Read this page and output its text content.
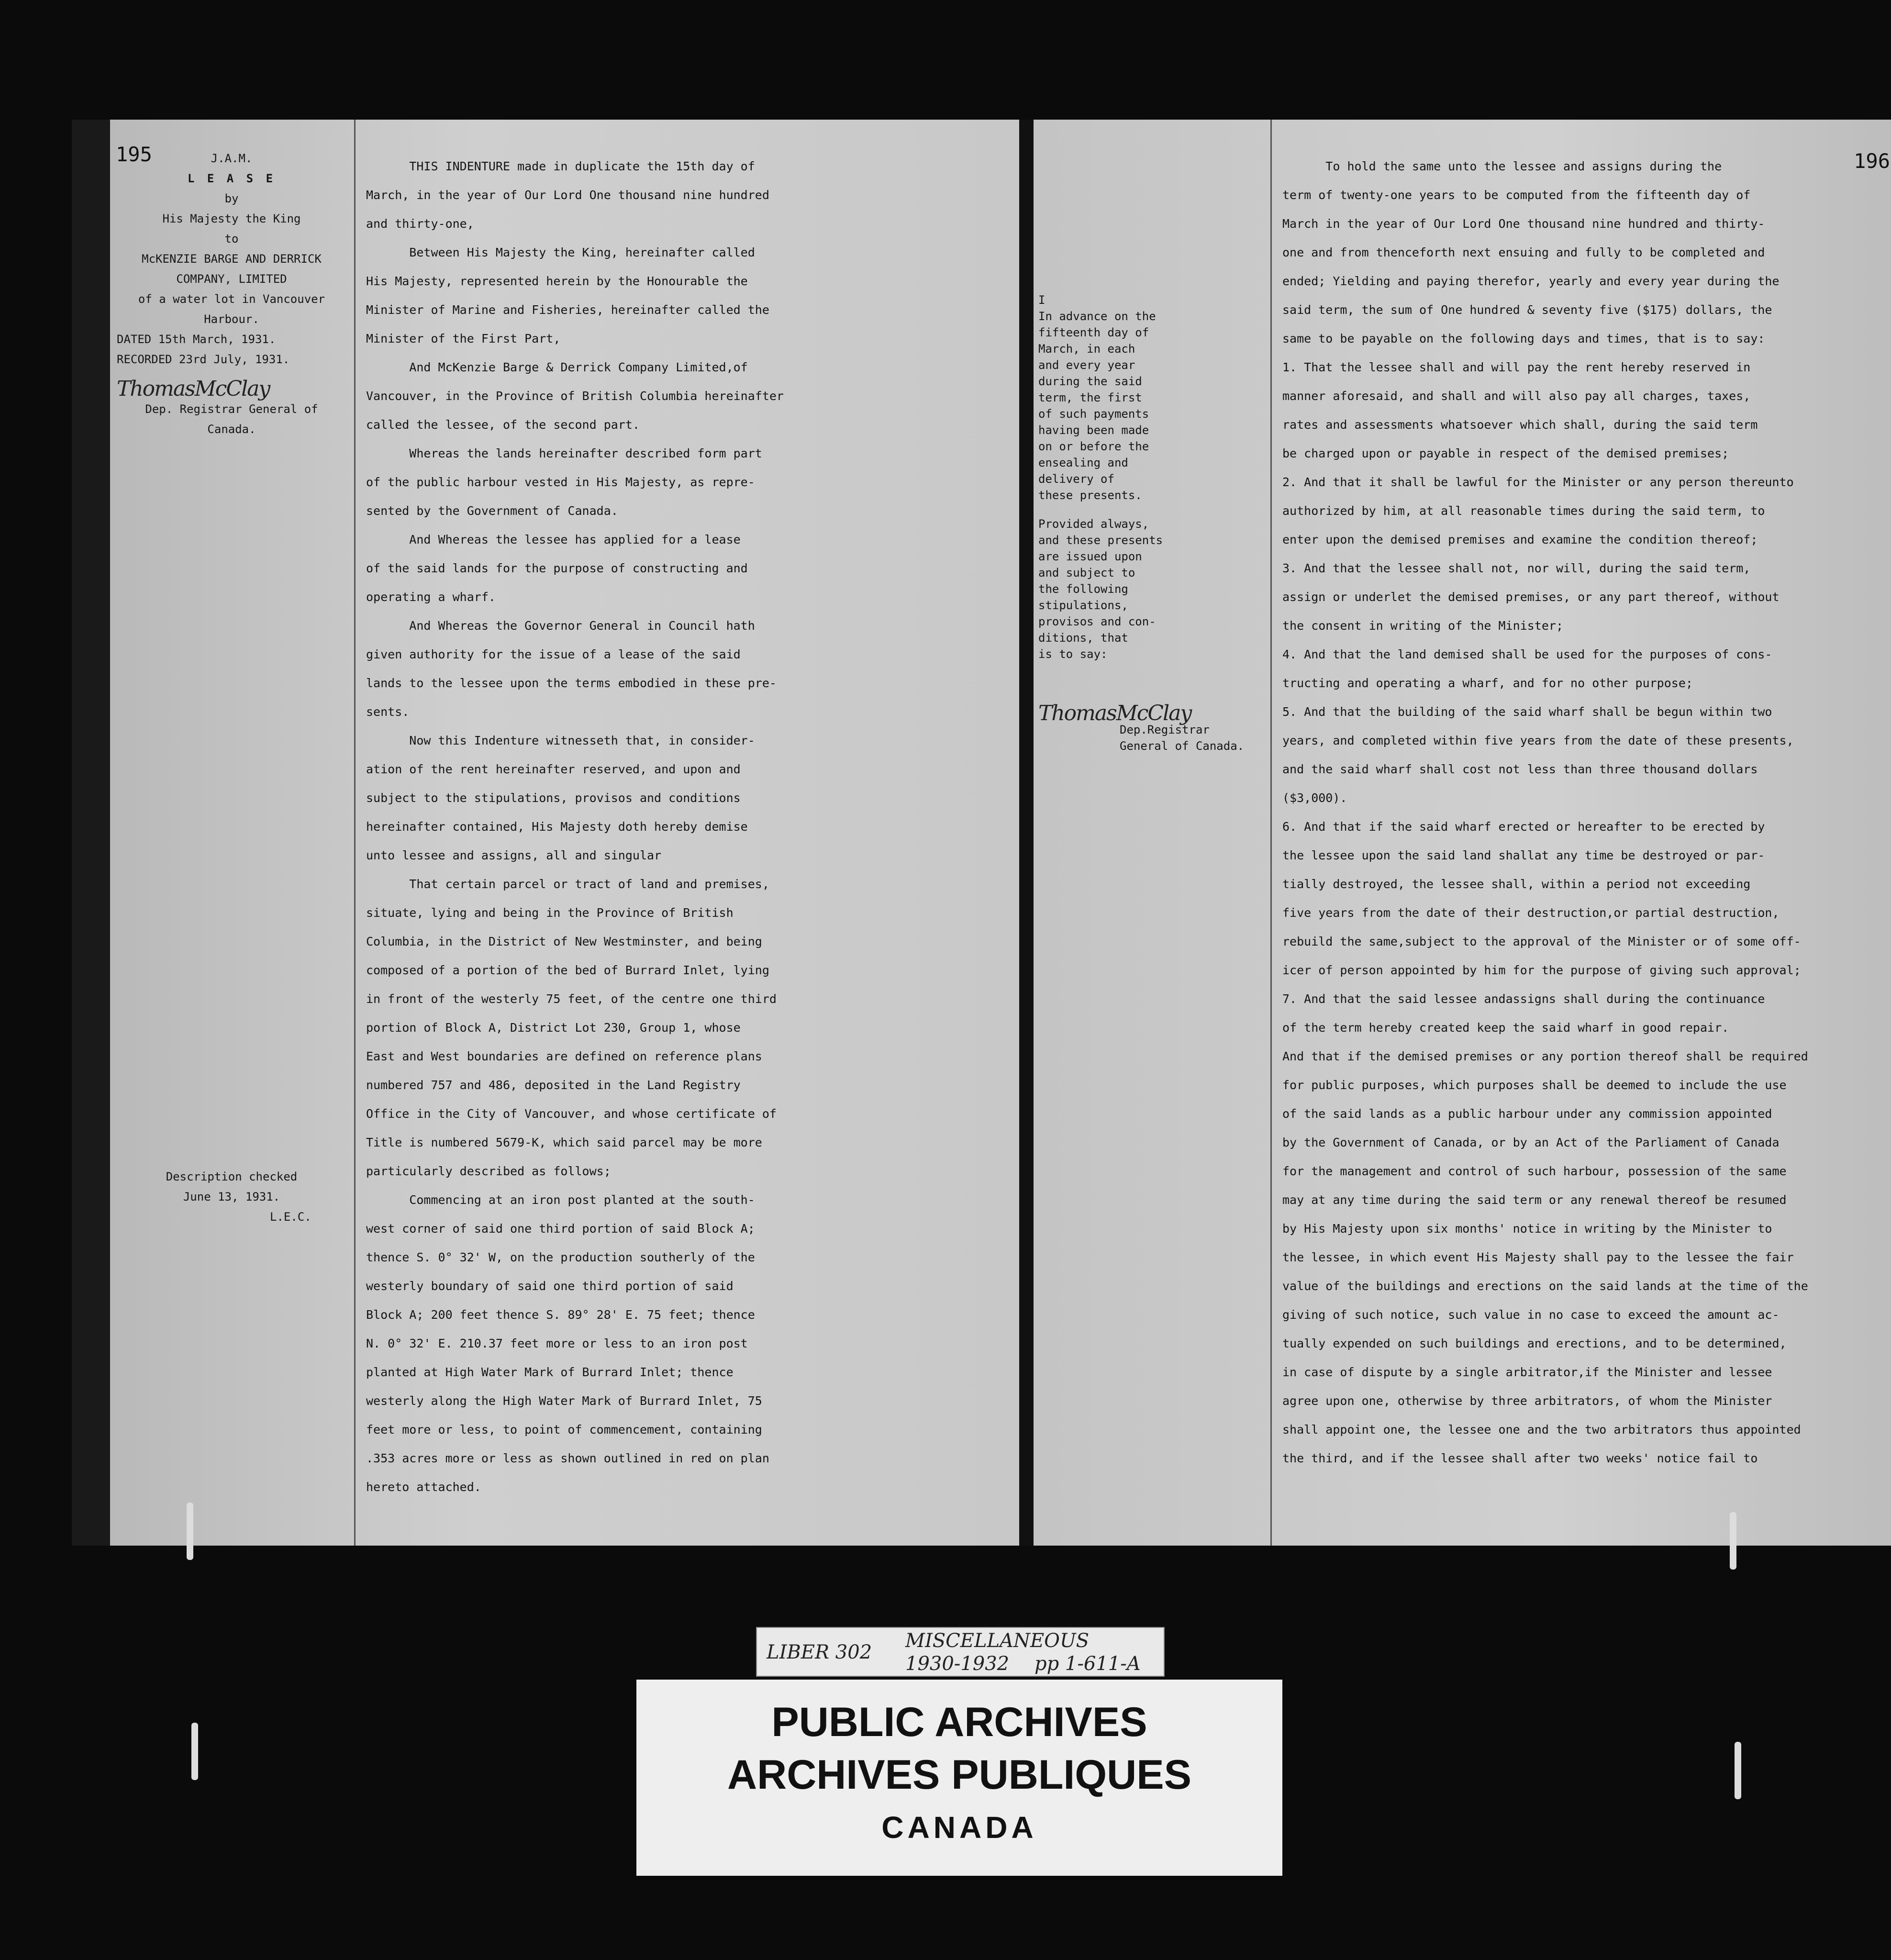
195	J.A.M.
L E A S E
by
His Majesty the King
to
McKENZIE BARGE AND DERRICK
COMPANY, LIMITED
of a water lot in Vancouver
Harbour.
DATED 15th March, 1931.
RECORDED 23rd July, 1931.
ThomasMcClay
Dep. Registrar General of
Canada.
Description checked
June 13, 1931.
L.E.C.

THIS INDENTURE made in duplicate the 15th day of

March, in the year of Our Lord One thousand nine hundred

and thirty-one,

Between His Majesty the King, hereinafter called

His Majesty, represented herein by the Honourable the

Minister of Marine and Fisheries, hereinafter called the

Minister of the First Part,

And McKenzie Barge & Derrick Company Limited,of

Vancouver, in the Province of British Columbia hereinafter

called the lessee, of the second part.

Whereas the lands hereinafter described form part

of the public harbour vested in His Majesty, as repre-

sented by the Government of Canada.

And Whereas the lessee has applied for a lease

of the said lands for the purpose of constructing and

operating a wharf.

And Whereas the Governor General in Council hath

given authority for the issue of a lease of the said

lands to the lessee upon the terms embodied in these pre-

sents.

Now this Indenture witnesseth that, in consider-

ation of the rent hereinafter reserved, and upon and

subject to the stipulations, provisos and conditions

hereinafter contained, His Majesty doth hereby demise

unto lessee and assigns, all and singular

That certain parcel or tract of land and premises,

situate, lying and being in the Province of British

Columbia, in the District of New Westminster, and being

composed of a portion of the bed of Burrard Inlet, lying

in front of the westerly 75 feet, of the centre one third

portion of Block A, District Lot 230, Group 1, whose

East and West boundaries are defined on reference plans

numbered 757 and 486, deposited in the Land Registry

Office in the City of Vancouver, and whose certificate of

Title is numbered 5679-K, which said parcel may be more

particularly described as follows;

Commencing at an iron post planted at the south-

west corner of said one third portion of said Block A;

thence S. 0° 32' W, on the production southerly of the

westerly boundary of said one third portion of said

Block A; 200 feet thence S. 89° 28' E. 75 feet; thence

N. 0° 32' E. 210.37 feet more or less to an iron post

planted at High Water Mark of Burrard Inlet; thence

westerly along the High Water Mark of Burrard Inlet, 75

feet more or less, to point of commencement, containing

.353 acres more or less as shown outlined in red on plan

hereto attached.

196

I

In advance on the

fifteenth day of

March, in each

and every year

during the said

term, the first

of such payments

having been made

on or before the

ensealing and

delivery of

these presents.

Provided always,

and these presents

are issued upon

and subject to

the following

stipulations,

provisos and con-

ditions, that

is to say:

ThomasMcClay
Dep.Registrar
General of Canada.

To hold the same unto the lessee and assigns during the

term of twenty-one years to be computed from the fifteenth day of

March in the year of Our Lord One thousand nine hundred and thirty-

one and from thenceforth next ensuing and fully to be completed and

ended; Yielding and paying therefor, yearly and every year during the

said term, the sum of One hundred & seventy five ($175) dollars, the

same to be payable on the following days and times, that is to say:

1. That the lessee shall and will pay the rent hereby reserved in

manner aforesaid, and shall and will also pay all charges, taxes,

rates and assessments whatsoever which shall, during the said term

be charged upon or payable in respect of the demised premises;

2. And that it shall be lawful for the Minister or any person thereunto

authorized by him, at all reasonable times during the said term, to

enter upon the demised premises and examine the condition thereof;

3. And that the lessee shall not, nor will, during the said term,

assign or underlet the demised premises, or any part thereof, without

the consent in writing of the Minister;

4. And that the land demised shall be used for the purposes of cons-

tructing and operating a wharf, and for no other purpose;

5. And that the building of the said wharf shall be begun within two

years, and completed within five years from the date of these presents,

and the said wharf shall cost not less than three thousand dollars

($3,000).

6. And that if the said wharf erected or hereafter to be erected by

the lessee upon the said land shallat any time be destroyed or par-

tially destroyed, the lessee shall, within a period not exceeding

five years from the date of their destruction,or partial destruction,

rebuild the same,subject to the approval of the Minister or of some off-

icer of person appointed by him for the purpose of giving such approval;

7. And that the said lessee andassigns shall during the continuance

of the term hereby created keep the said wharf in good repair.

And that if the demised premises or any portion thereof shall be required

for public purposes, which purposes shall be deemed to include the use

of the said lands as a public harbour under any commission appointed

by the Government of Canada, or by an Act of the Parliament of Canada

for the management and control of such harbour, possession of the same

may at any time during the said term or any renewal thereof be resumed

by His Majesty upon six months' notice in writing by the Minister to

the lessee, in which event His Majesty shall pay to the lessee the fair

value of the buildings and erections on the said lands at the time of the

giving of such notice, such value in no case to exceed the amount ac-

tually expended on such buildings and erections, and to be determined,

in case of dispute by a single arbitrator,if the Minister and lessee

agree upon one, otherwise by three arbitrators, of whom the Minister

shall appoint one, the lessee one and the two arbitrators thus appointed

the third, and if the lessee shall after two weeks' notice fail to

LIBER 302
MISCELLANEOUS
1930-1932 pp 1-611-A
PUBLIC ARCHIVES
ARCHIVES PUBLIQUES
CANADA
